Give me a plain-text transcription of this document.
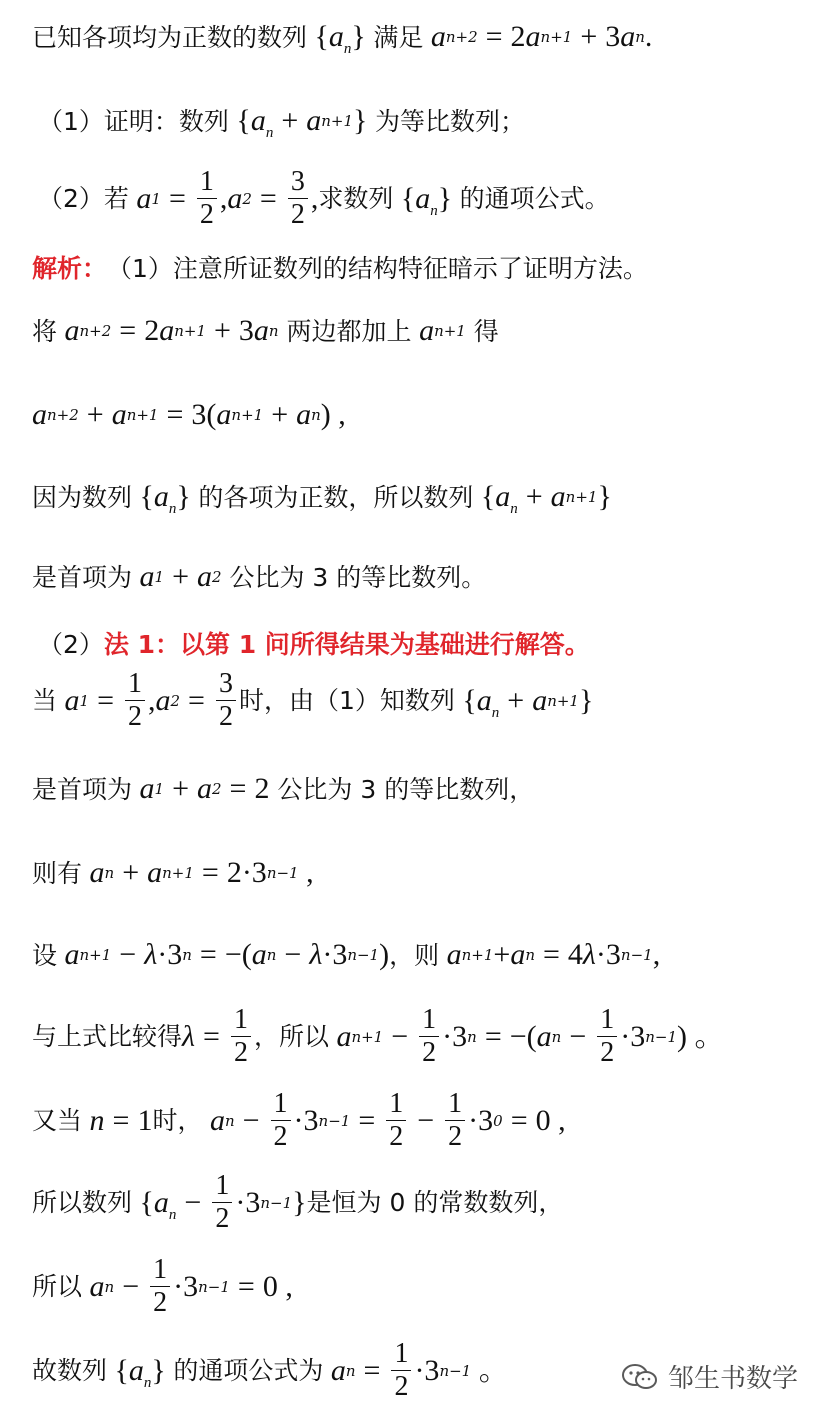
已知各项均为正数的数列 $\{a_n\}$ 满足 a n+2 = 2 a n+1 + 3 a n .
（1）证明：数列 {$a_n + a$ n+1 } 为等比数列；
（2）若 a $1 = \frac{1}{2}$ , a $2 = \frac{3}{2}$ , 求数列 $\{a_n\}$ 的通项公式。
解析： （1）注意所证数列的结构特征暗示了证明方法。
将 a n+2 = 2 a n+1 + 3 a n
两边都加上 a n+1
得
a n+2 + a n+1 = 3( a n+1 + a n ) ,
因为数列 $\{a_n\}$ 的各项为正数，所以数列 {$a_n + a$ n+1 }
是首项为 a 1 + a 2
公比为 3 的等比数列。
（2） 法 1：以第 1 问所得结果为基础进行解答。
当 a $1 = \frac{1}{2}$ , a $2 = \frac{3}{2}$ 时，由（1）知数列 {$a_n + a$ n+1 }
是首项为 a 1 + a 2 = 2
公比为 3 的等比数列，
则有 a n + a n+1 = 2·3 n−1 ,
设 a n+1 − λ ·3 n = −( a n − λ ·3 n−1 ) ，则 a n+1 + a n = 4 λ ·3 n−1 ,
与上式比较得 $\lambda = \frac{1}{2}$ ，所以 a $n+1 - \frac{1}{2} \cdot 3$ n = −( a $n - \frac{1}{2} \cdot 3$ n−1 ) 。
又当 n = 1 时， a $n - \frac{1}{2} \cdot 3$ $n-1 = \frac{1}{2} - \frac{1}{2} \cdot 3$ 0 = 0 ,
所以数列 {$a_n - \frac{1}{2} \cdot 3$ n−1 } 是恒为 0 的常数数列，
所以 a $n - \frac{1}{2} \cdot 3$ n−1 = 0 ,
故数列 $\{a_n\}$ 的通项公式为 a $n = \frac{1}{2} \cdot 3$ n−1 。	邹生书数学
